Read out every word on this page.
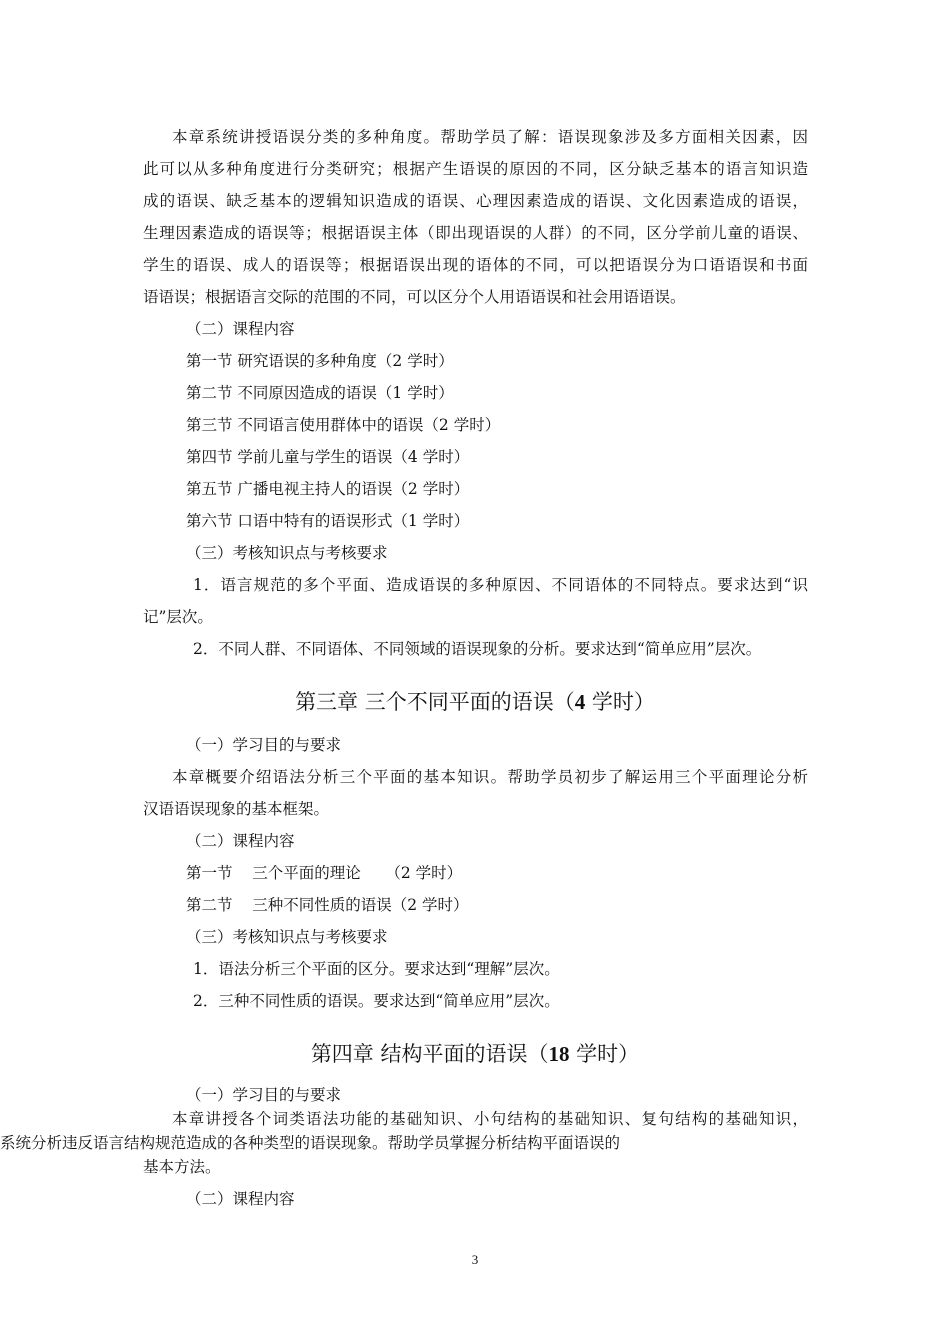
本章系统讲授语误分类的多种角度。帮助学员了解：语误现象涉及多方面相关因素，因
此可以从多种角度进行分类研究；根据产生语误的原因的不同，区分缺乏基本的语言知识造
成的语误、缺乏基本的逻辑知识造成的语误、心理因素造成的语误、文化因素造成的语误，
生理因素造成的语误等；根据语误主体（即出现语误的人群）的不同，区分学前儿童的语误、
学生的语误、成人的语误等；根据语误出现的语体的不同，可以把语误分为口语语误和书面
语语误；根据语言交际的范围的不同，可以区分个人用语语误和社会用语语误。
（二）课程内容
第一节 研究语误的多种角度（2 学时）
第二节 不同原因造成的语误（1 学时）
第三节 不同语言使用群体中的语误（2 学时）
第四节 学前儿童与学生的语误（4 学时）
第五节 广播电视主持人的语误（2 学时）
第六节 口语中特有的语误形式（1 学时）
（三）考核知识点与考核要求
1．语言规范的多个平面、造成语误的多种原因、不同语体的不同特点。要求达到“识
记”层次。
2．不同人群、不同语体、不同领域的语误现象的分析。要求达到“简单应用”层次。
第三章 三个不同平面的语误（4 学时）
（一）学习目的与要求
本章概要介绍语法分析三个平面的基本知识。帮助学员初步了解运用三个平面理论分析
汉语语误现象的基本框架。
（二）课程内容
第一节    三个平面的理论     （2 学时）
第二节    三种不同性质的语误（2 学时）
（三）考核知识点与考核要求
1．语法分析三个平面的区分。要求达到“理解”层次。
2．三种不同性质的语误。要求达到“简单应用”层次。
第四章 结构平面的语误（18 学时）
（一）学习目的与要求
本章讲授各个词类语法功能的基础知识、小句结构的基础知识、复句结构的基础知识，
系统分析违反语言结构规范造成的各种类型的语误现象。帮助学员掌握分析结构平面语误的
基本方法。
（二）课程内容
3
